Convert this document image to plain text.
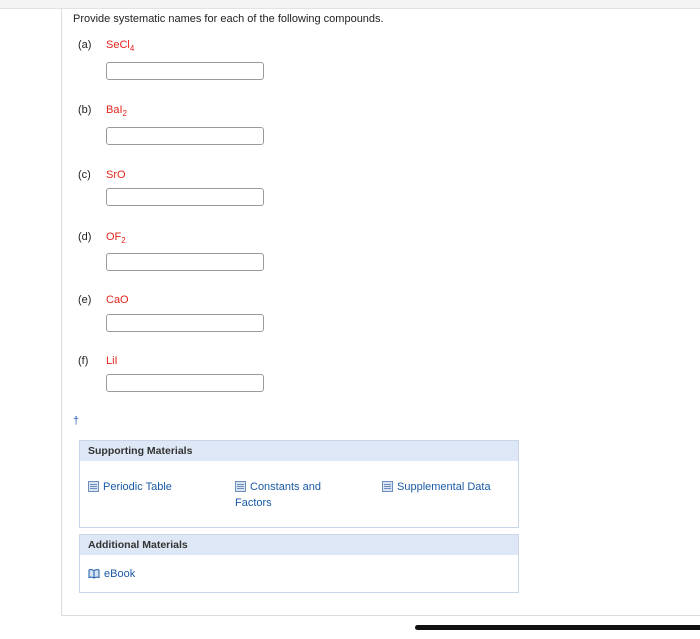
Provide systematic names for each of the following compounds.
(a) SeCl$_4$
(b) BaI$_2$
(c) SrO
(d) $OF_2$
(e) CaO
(f) LiI
†
Supporting Materials
Periodic Table	Constants and
Factors
Supplemental Data
Additional Materials
eBook
